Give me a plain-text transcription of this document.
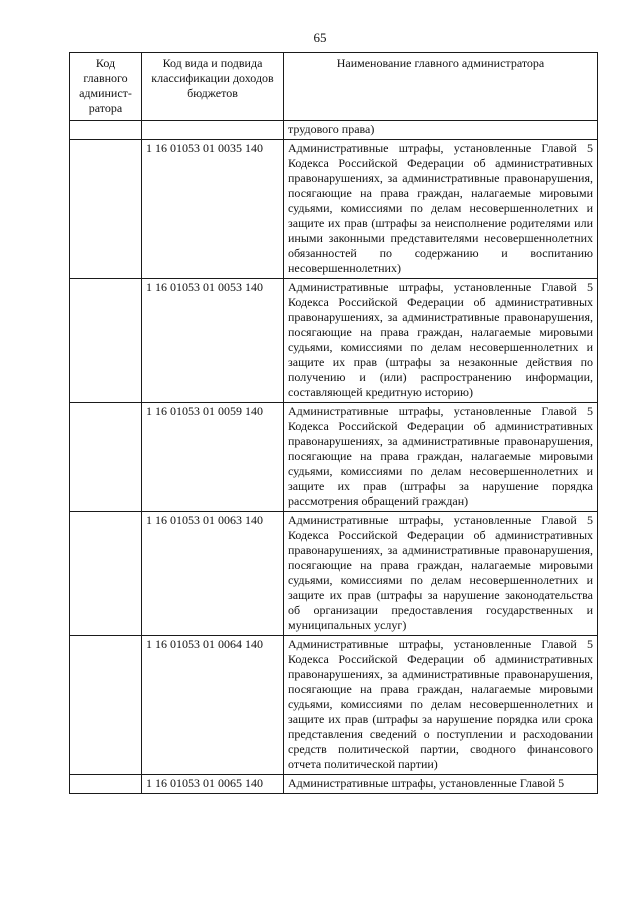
65
Код главного админист-ратора	Код вида и подвида классификации доходов бюджетов	Наименование главного администратора
		трудового права)
	1 16 01053 01 0035 140	Административные штрафы, установленные Главой 5 Кодекса Российской Федерации об административных правонарушениях, за административные правонарушения, посягающие на права граждан, налагаемые мировыми судьями, комиссиями по делам несовершеннолетних и защите их прав (штрафы за неисполнение родителями или иными законными представителями несовершеннолетних обязанностей по содержанию и воспитанию несовершеннолетних)
	1 16 01053 01 0053 140	Административные штрафы, установленные Главой 5 Кодекса Российской Федерации об административных правонарушениях, за административные правонарушения, посягающие на права граждан, налагаемые мировыми судьями, комиссиями по делам несовершеннолетних и защите их прав (штрафы за незаконные действия по получению и (или) распространению информации, составляющей кредитную историю)
	1 16 01053 01 0059 140	Административные штрафы, установленные Главой 5 Кодекса Российской Федерации об административных правонарушениях, за административные правонарушения, посягающие на права граждан, налагаемые мировыми судьями, комиссиями по делам несовершеннолетних и защите их прав (штрафы за нарушение порядка рассмотрения обращений граждан)
	1 16 01053 01 0063 140	Административные штрафы, установленные Главой 5 Кодекса Российской Федерации об административных правонарушениях, за административные правонарушения, посягающие на права граждан, налагаемые мировыми судьями, комиссиями по делам несовершеннолетних и защите их прав (штрафы за нарушение законодательства об организации предоставления государственных и муниципальных услуг)
	1 16 01053 01 0064 140	Административные штрафы, установленные Главой 5 Кодекса Российской Федерации об административных правонарушениях, за административные правонарушения, посягающие на права граждан, налагаемые мировыми судьями, комиссиями по делам несовершеннолетних и защите их прав (штрафы за нарушение порядка или срока представления сведений о поступлении и расходовании средств политической партии, сводного финансового отчета политической партии)
	1 16 01053 01 0065 140	Административные штрафы, установленные Главой 5
